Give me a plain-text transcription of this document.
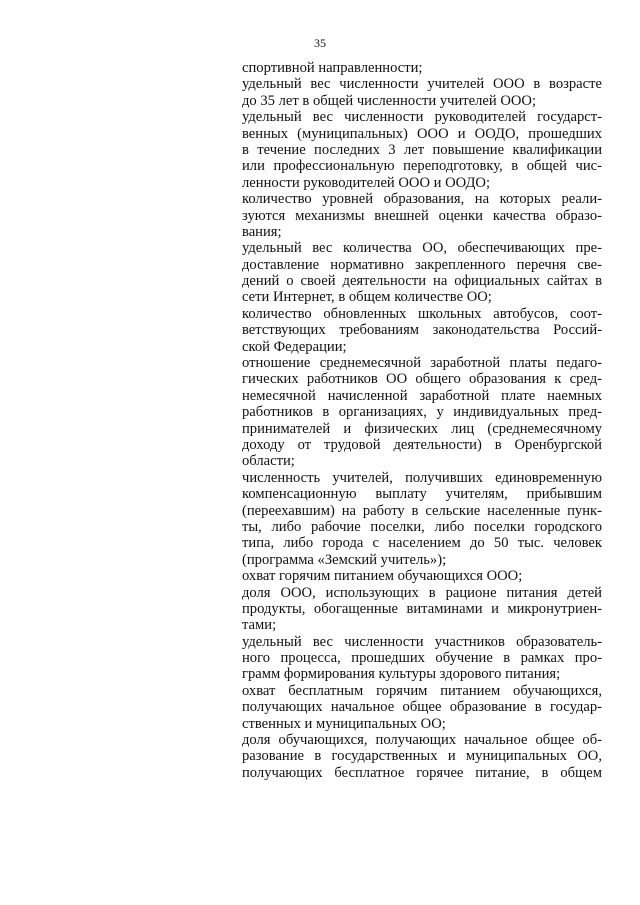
35
спортивной направленности;
удельный вес численности учителей ООО в возрасте
до 35 лет в общей численности учителей ООО;
удельный вес численности руководителей государст-
венных (муниципальных) ООО и ООДО, прошедших
в течение последних 3 лет повышение квалификации
или профессиональную переподготовку, в общей чис-
ленности руководителей ООО и ООДО;
количество уровней образования, на которых реали-
зуются механизмы внешней оценки качества образо-
вания;
удельный вес количества ОО, обеспечивающих пре-
доставление нормативно закрепленного перечня све-
дений о своей деятельности на официальных сайтах в
сети Интернет, в общем количестве ОО;
количество обновленных школьных автобусов, соот-
ветствующих требованиям законодательства Россий-
ской Федерации;
отношение среднемесячной заработной платы педаго-
гических работников ОО общего образования к сред-
немесячной начисленной заработной плате наемных
работников в организациях, у индивидуальных пред-
принимателей и физических лиц (среднемесячному
доходу от трудовой деятельности) в Оренбургской
области;
численность учителей, получивших единовременную
компенсационную выплату учителям, прибывшим
(переехавшим) на работу в сельские населенные пунк-
ты, либо рабочие поселки, либо поселки городского
типа, либо города с населением до 50 тыс. человек
(программа «Земский учитель»);
охват горячим питанием обучающихся ООО;
доля ООО, использующих в рационе питания детей
продукты, обогащенные витаминами и микронутриен-
тами;
удельный вес численности участников образователь-
ного процесса, прошедших обучение в рамках про-
грамм формирования культуры здорового питания;
охват бесплатным горячим питанием обучающихся,
получающих начальное общее образование в государ-
ственных и муниципальных ОО;
доля обучающихся, получающих начальное общее об-
разование в государственных и муниципальных ОО,
получающих бесплатное горячее питание, в общем
